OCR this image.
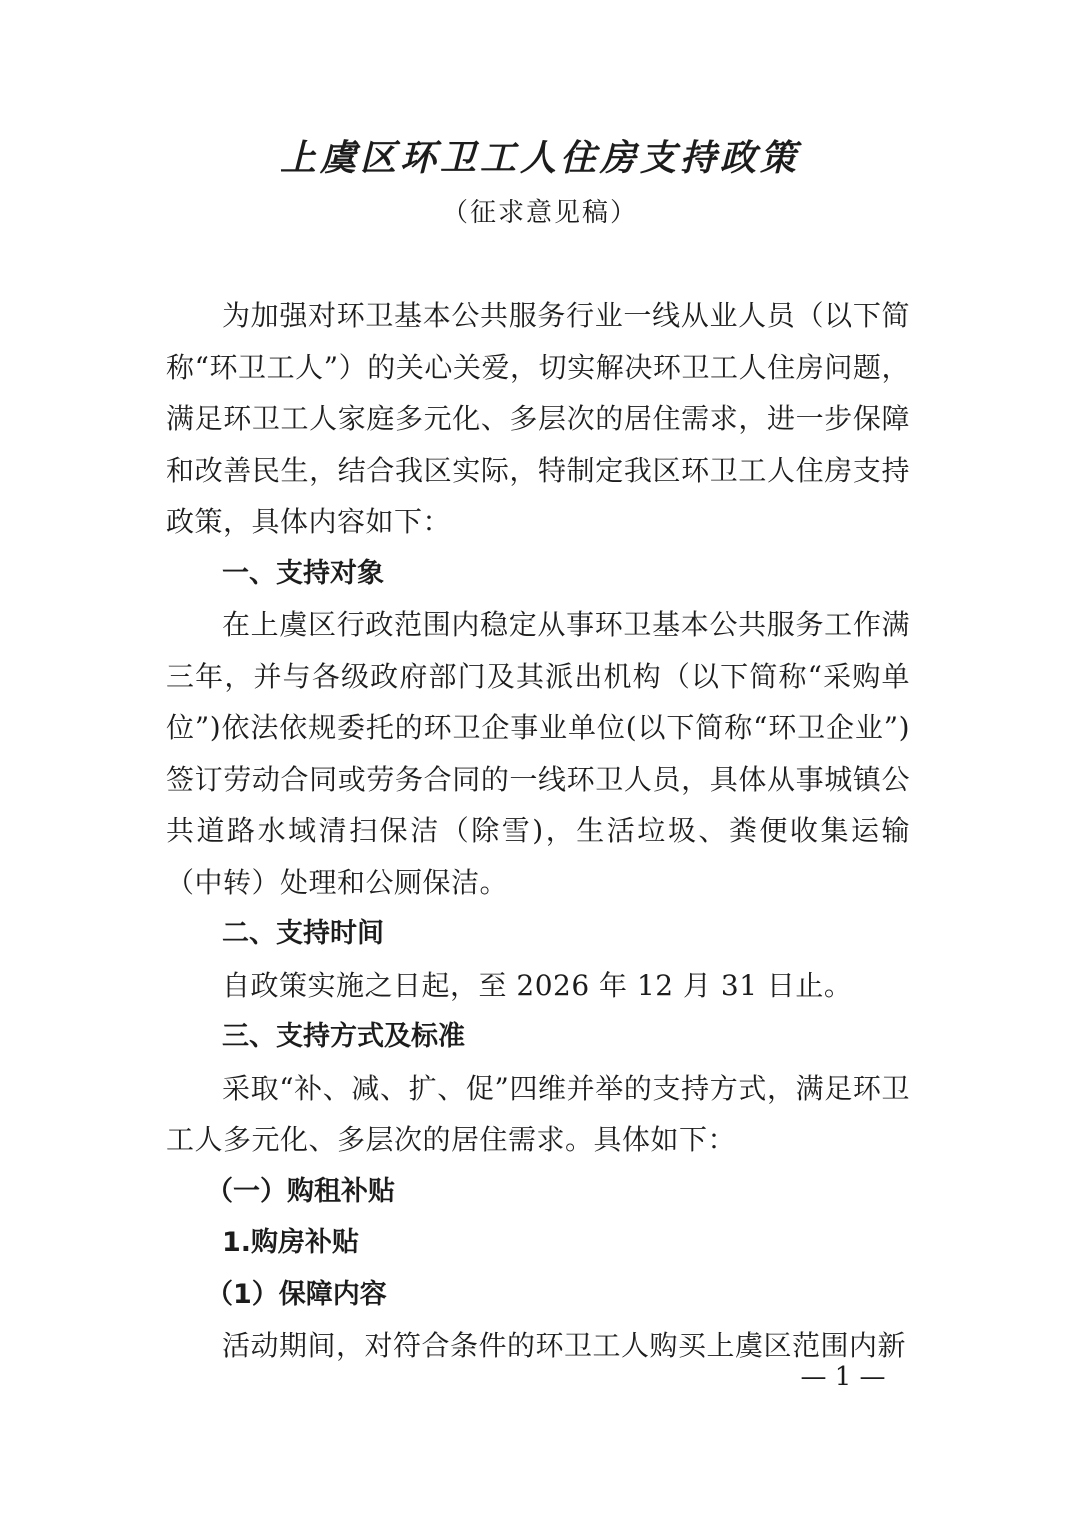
上虞区环卫工人住房支持政策
（征求意见稿）

为加强对环卫基本公共服务行业一线从业人员（以下简称“环卫工人”）的关心关爱，切实解决环卫工人住房问题，满足环卫工人家庭多元化、多层次的居住需求，进一步保障和改善民生，结合我区实际，特制定我区环卫工人住房支持政策，具体内容如下：

一、支持对象

在上虞区行政范围内稳定从事环卫基本公共服务工作满三年，并与各级政府部门及其派出机构（以下简称“采购单位”)依法依规委托的环卫企事业单位(以下简称“环卫企业”)签订劳动合同或劳务合同的一线环卫人员，具体从事城镇公共道路水域清扫保洁（除雪)，生活垃圾、粪便收集运输（中转）处理和公厕保洁。

二、支持时间

自政策实施之日起，至 2026 年 12 月 31 日止。

三、支持方式及标准

采取“补、减、扩、促”四维并举的支持方式，满足环卫工人多元化、多层次的居住需求。具体如下：

（一）购租补贴

1.购房补贴

（1）保障内容

活动期间，对符合条件的环卫工人购买上虞区范围内新

— 1 —
